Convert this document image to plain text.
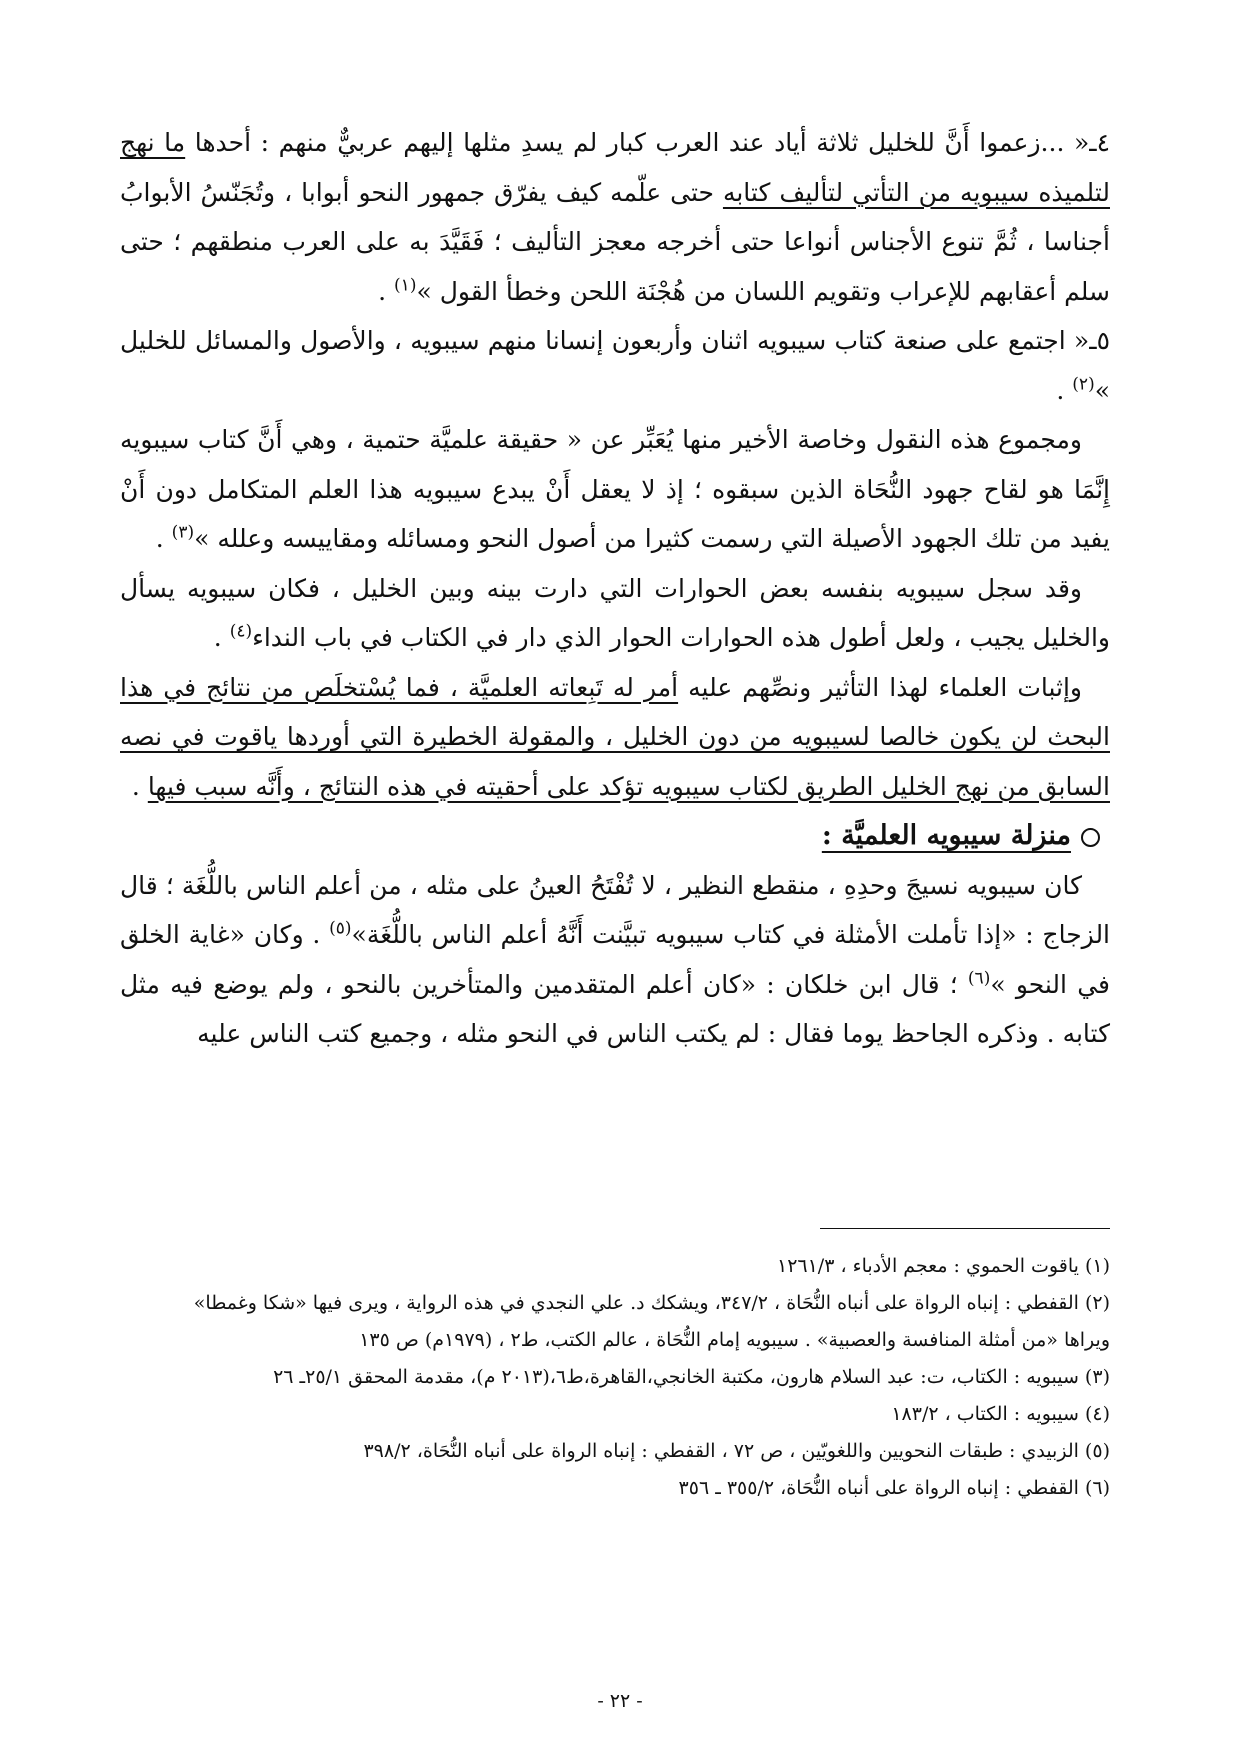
٤ـ« ...زعموا أَنَّ للخليل ثلاثة أياد عند العرب كبار لم يسدِ مثلها إليهم عربيٌّ منهم : أحدها ما نهج لتلميذه سيبويه من التأتي لتأليف كتابه حتى علّمه كيف يفرّق جمهور النحو أبوابا ، وتُجَنّسُ الأبوابُ أجناسا ، ثُمَّ تنوع الأجناس أنواعا حتى أخرجه معجز التأليف ؛ فَقَيَّدَ به على العرب منطقهم ؛ حتى سلم أعقابهم للإعراب وتقويم اللسان من هُجْنَة اللحن وخطأ القول »$^{(١)}$ .

٥ـ« اجتمع على صنعة كتاب سيبويه اثنان وأربعون إنسانا منهم سيبويه ، والأصول والمسائل للخليل »$^{(٢)}$ .

ومجموع هذه النقول وخاصة الأخير منها يُعَبِّر عن « حقيقة علميَّة حتمية ، وهي أَنَّ كتاب سيبويه إِنَّمَا هو لقاح جهود النُّحَاة الذين سبقوه ؛ إذ لا يعقل أَنْ يبدع سيبويه هذا العلم المتكامل دون أَنْ يفيد من تلك الجهود الأصيلة التي رسمت كثيرا من أصول النحو ومسائله ومقاييسه وعلله »$^{(٣)}$ .

وقد سجل سيبويه بنفسه بعض الحوارات التي دارت بينه وبين الخليل ، فكان سيبويه يسأل والخليل يجيب ، ولعل أطول هذه الحوارات الحوار الذي دار في الكتاب في باب النداء$^{(٤)}$ .

وإثبات العلماء لهذا التأثير ونصِّهم عليه أمر له تَبِعاته العلميَّة ، فما يُسْتخلَص من نتائج في هذا البحث لن يكون خالصا لسيبويه من دون الخليل ، والمقولة الخطيرة التي أوردها ياقوت في نصه السابق من نهج الخليل الطريق لكتاب سيبويه تؤكد على أحقيته في هذه النتائج ، وأَنَّه سبب فيها .

منزلة سيبويه العلميَّة :

كان سيبويه نسيجَ وحدِهِ ، منقطع النظير ، لا تُفْتَحُ العينُ على مثله ، من أعلم الناس باللُّغَة ؛ قال الزجاج : «إذا تأملت الأمثلة في كتاب سيبويه تبيَّنت أَنَّهُ أعلم الناس باللُّغَة»$^{(٥)}$ . وكان «غاية الخلق في النحو »$^{(٦)}$ ؛ قال ابن خلكان : «كان أعلم المتقدمين والمتأخرين بالنحو ، ولم يوضع فيه مثل كتابه . وذكره الجاحظ يوما فقال : لم يكتب الناس في النحو مثله ، وجميع كتب الناس عليه

(١) ياقوت الحموي : معجم الأدباء ، ١٢٦١/٣

(٢) القفطي : إنباه الرواة على أنباه النُّحَاة ، ٣٤٧/٢، ويشكك د. علي النجدي في هذه الرواية ، ويرى فيها «شكا وغمطا»

ويراها «من أمثلة المنافسة والعصبية» . سيبويه إمام النُّحَاة ، عالم الكتب، ط٢ ، (١٩٧٩م) ص ١٣٥

(٣) سيبويه : الكتاب، ت: عبد السلام هارون، مكتبة الخانجي،القاهرة،ط٦،(٢٠١٣ م)، مقدمة المحقق ٢٥/١ـ ٢٦

(٤) سيبويه : الكتاب ، ١٨٣/٢

(٥) الزبيدي : طبقات النحويين واللغويّين ، ص ٧٢ ، القفطي : إنباه الرواة على أنباه النُّحَاة، ٣٩٨/٢

(٦) القفطي : إنباه الرواة على أنباه النُّحَاة، ٣٥٥/٢ ـ ٣٥٦

- ٢٢ -
